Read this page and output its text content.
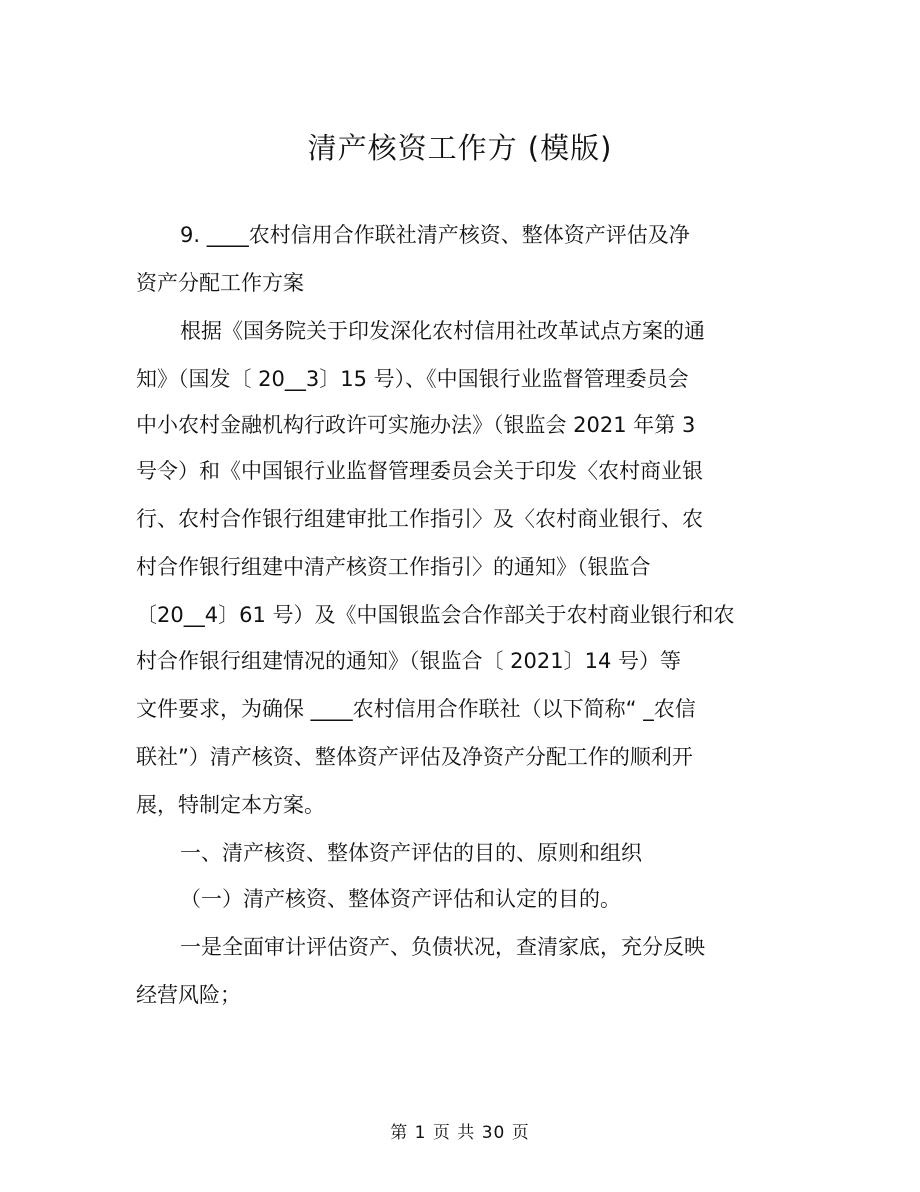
清产核资工作方 (模版)
9. ____农村信用合作联社清产核资、整体资产评估及净
资产分配工作方案
根据《国务院关于印发深化农村信用社改革试点方案的通
知》（国发〔 20__3〕15 号）、《中国银行业监督管理委员会
中小农村金融机构行政许可实施办法》（银监会 2021 年第 3
号令）和《中国银行业监督管理委员会关于印发〈农村商业银
行、农村合作银行组建审批工作指引〉及〈农村商业银行、农
村合作银行组建中清产核资工作指引〉的通知》（银监合
〔20__4〕61 号）及《中国银监会合作部关于农村商业银行和农
村合作银行组建情况的通知》（银监合〔 2021〕14 号）等
文件要求，为确保 ____农村信用合作联社（以下简称“ _农信
联社”）清产核资、整体资产评估及净资产分配工作的顺利开
展，特制定本方案。
一、清产核资、整体资产评估的目的、原则和组织
（一）清产核资、整体资产评估和认定的目的。
一是全面审计评估资产、负债状况，查清家底，充分反映
经营风险；
第 1 页 共 30 页
